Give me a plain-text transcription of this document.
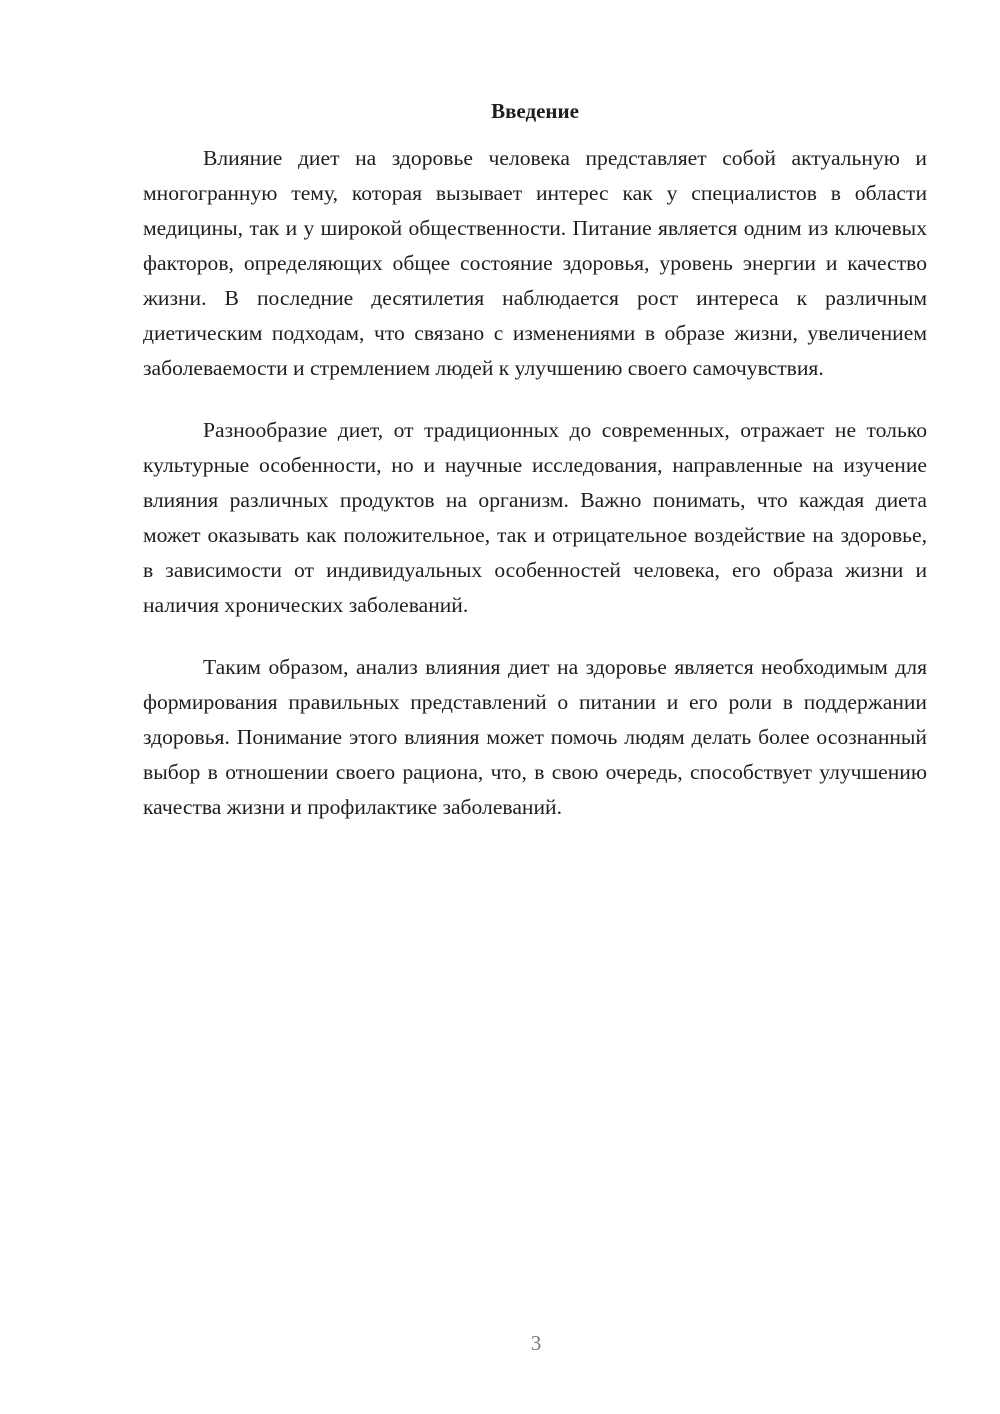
Введение

Влияние диет на здоровье человека представляет собой актуальную и многогранную тему, которая вызывает интерес как у специалистов в области медицины, так и у широкой общественности. Питание является одним из ключевых факторов, определяющих общее состояние здоровья, уровень энергии и качество жизни. В последние десятилетия наблюдается рост интереса к различным диетическим подходам, что связано с изменениями в образе жизни, увеличением заболеваемости и стремлением людей к улучшению своего самочувствия.

Разнообразие диет, от традиционных до современных, отражает не только культурные особенности, но и научные исследования, направленные на изучение влияния различных продуктов на организм. Важно понимать, что каждая диета может оказывать как положительное, так и отрицательное воздействие на здоровье, в зависимости от индивидуальных особенностей человека, его образа жизни и наличия хронических заболеваний.

Таким образом, анализ влияния диет на здоровье является необходимым для формирования правильных представлений о питании и его роли в поддержании здоровья. Понимание этого влияния может помочь людям делать более осознанный выбор в отношении своего рациона, что, в свою очередь, способствует улучшению качества жизни и профилактике заболеваний.

3
